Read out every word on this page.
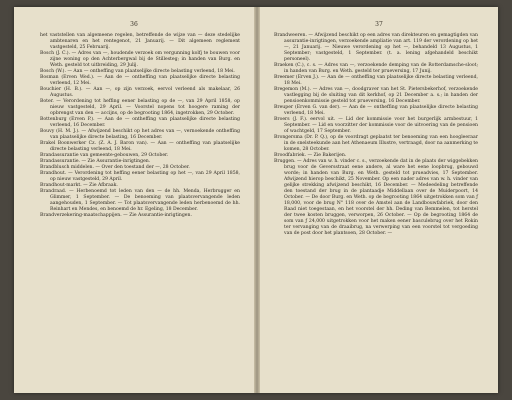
36

het vaststellen van algemeene regelen, betreffende de wijze van — deze stedelijke ambtenaren en het rentegenot, 21 Januarij. — Dit algemeen reglement vastgesteld, 25 Februarij.

Bosch (J. C.). — Adres van —, houdende verzoek om vergunning kolfj te bouwen voor zijne woning op den Achterbergwal bij de Stillesteg; in handen van Burg. en Weth. gesteld tot uitbreiding, 29 Julij.

Bosch (W.). — Aan — ontheffing van plaatselijke directe belasting verleend, 18 Mei.

Bosman (Erven Wed.). — Aan de — ontheffing van plaatselijke directe belasting verleend, 12 Mei.

Bouchier (H. B.). — Aan —, op zijn verzoek, eervol verleend als makelaar, 26 Augustus.

Boter. — Verordening tot heffing eener belasting op de —, van 29 April 1858, op nieuw vastgesteld, 29 April. — Voorstel nopens tot hoogere raming der opbrengst van den — accijns, op de begrooting 1864, ingetrokken, 29 October.

Bottenburg (Erven P.). — Aan de — ontheffing van plaatselijke directe belasting verleend, 16 December.

Bouvy (H. M. J.). — Afwijzend beschikt op het adres van —, vernoekende ontheffing van plaatselijke directe belasting, 16 December.

Brakel Boonwerker Cz. (Z. A. J. Baron van). — Aan — ontheffing van plaatselijke directe belasting verleend, 18 Mei.

Brandassurantie van gemeente-gebouwen, 29 October.

Brandassurantie. — Zie Assurantie-inrigtingen.

Brandblusch middelen. — Over den toestand der —, 28 October.

Brandhout. — Verordening tot heffing eener belasting op het —, van 29 April 1858, op nieuw vastgesteld, 29 April.

Brandhout-markt. — Zie Afbraak.

Brandraad. — Herbenoemd tot leden van den — de hh. Menda, Herbrugger en Glimmer, 1 September. — De benoeming van plaatsvervangende leden aangehouden, 1 September. — Tot plaatsvervangende leden herbenoemd de hh. Reinhart en Mendes, en benoemd de hr. Egeling, 18 December.

Brandverzekering-maatschappijen. — Zie Assurantie-inrigtingen.

37

Brandweeren. — Afwijzend beschikt op een adres van direkteuren en gemagtigden van assurantie-inrigtingen, verzoekende ampliatie van art. 119 der verordening op het —, 21 Januarij. — Nieuwe verordening op het —, behandeld 13 Augustus, 1 September; vastgesteld, 1 September. (t. a. lening afgehandeld beschikt personeel).

Braeken (C.), c. s. — Adres van —, verzoekende demping van de Rotterdamsche-sloot; in handen van Burg. en Weth. gesteld ter prueversing, 17 Junij.

Breemer (Erven J.). — Aan de — ontheffing van plaatselijke directe belasting verleend, 18 Mei.

Bregemon (M.). — Adres van —, doodgraver van het St. Pietersbekerhof, verzoekende vastlegging bij de sluiting van dit kerkhof, op 21 December a. s.; in handen der pensioenkommissie gesteld tot prueversing, 16 December.

Breuper (Erven G. van der). — Aan de — ontheffing van plaatselijke directe belasting verleend, 18 Mei.

Broers (J. F.). eervol uit. — Lid der kommissie voor het burgerlijk armbestuur, 1 September. — Lid en voorzitter der kommissie voor de uitvoering van de pensioen of wachtgeld, 17 September.

Brongersma (Dr. P. Q.), op de voordragt geplaatst ter benoeming van een hoogleeraar in de snelsteekunde aan het Athenaeum Illustre, vertraagd, door na aanmerking te komen, 28 October.

Broodfabriek. — Zie Bakerijen.

Bruggen. — Adres van w. h. vinder c. s., verzoekende dat in de plaats der wiggebekken brug voor de Geversstraat eene andere, al ware het eene loopbrug, gebouwd worde; in handen van Burg. en Weth. gesteld tot prueadvies, 17 September. Afwijzend hierop beschikt, 25 November. Op een nader adres van w. h. vinder van gelijke strekking afwijzend beschikt, 16 December. — Medeedeling betreffende den toestand der brug in de plantaadje Middellaan over de Muiderpoort, 14 October. — De door Burg. en Weth. op de begrooting 1864 uitgetrokken som van ƒ 18,000, voor de brug N° 118 over de Amstel aan de Landbouwfabriek, door den Raad niet toegestaan, en het voorstel der hh. Deding van Bemmelen, tot herstel der twee kosten bruggen, verworpen, 26 October. — Op de begrooting 1864 de som van ƒ 24,000 uitgetrokken voor het maken eener basculebrug over het Rokin ter vervanging van de draaibrug, na verwerping van een voorstel tot vergoeding van de post door het plantsoen, 28 October. —
